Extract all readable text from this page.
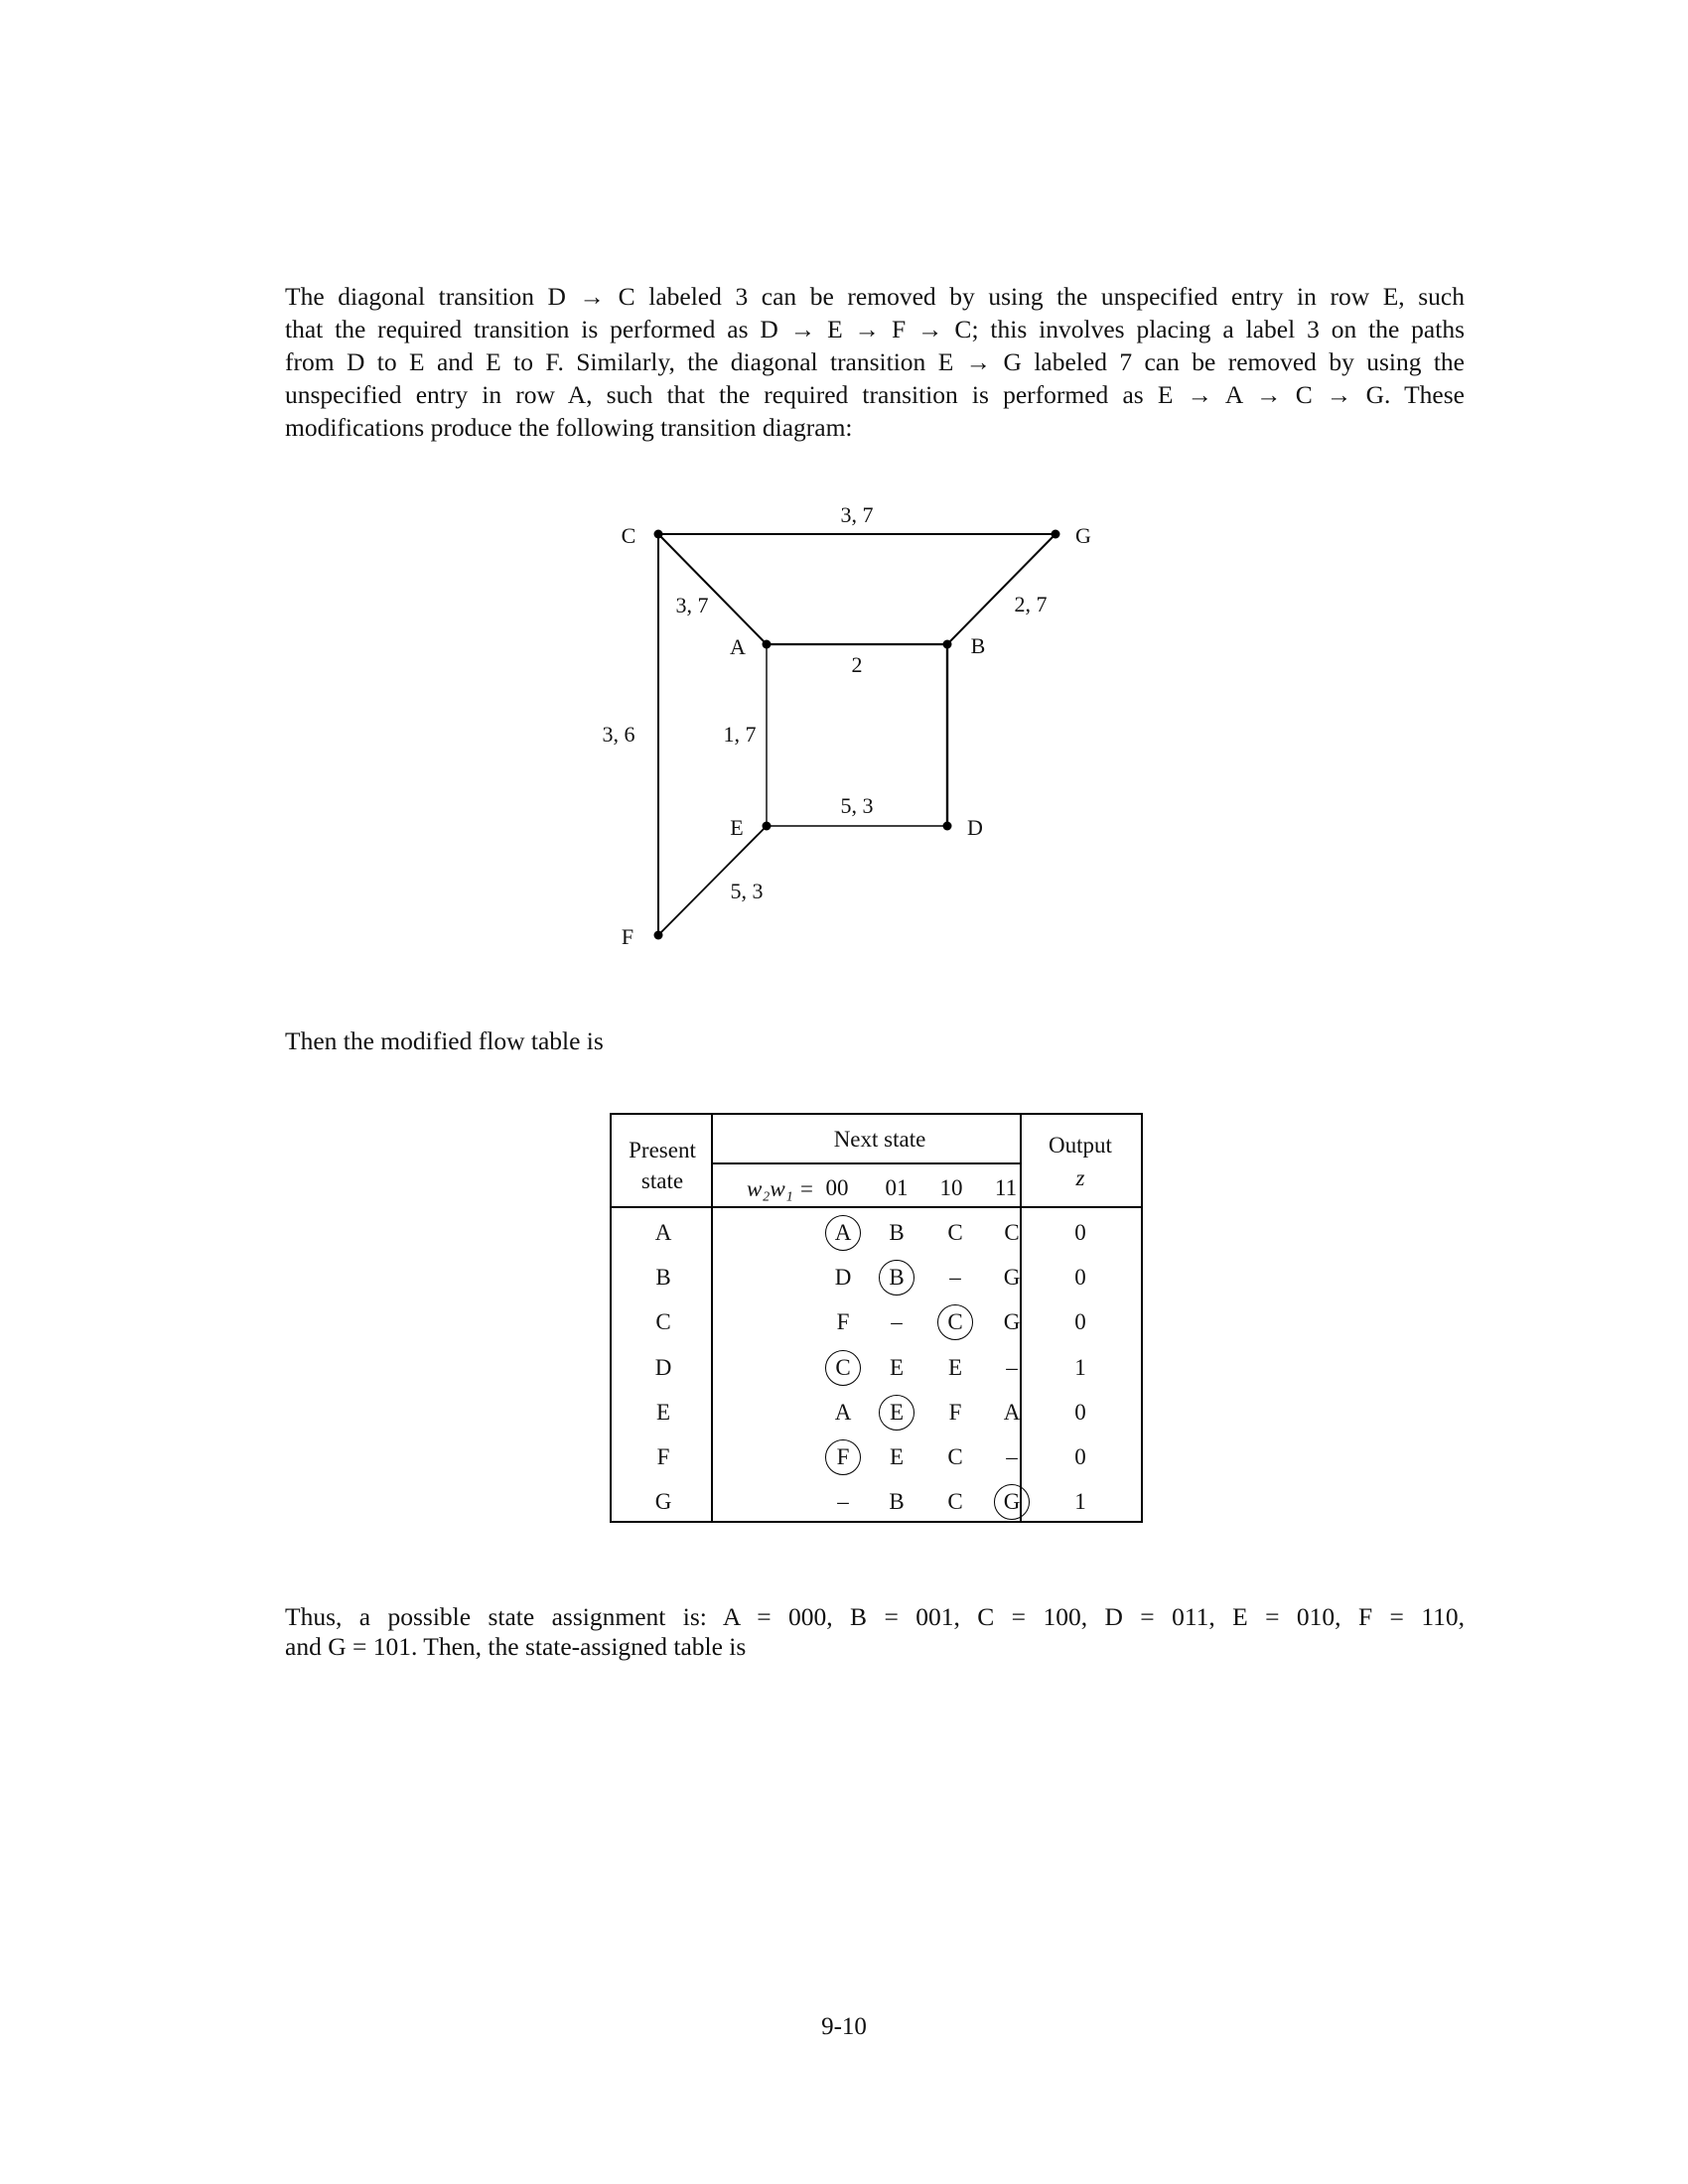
The diagonal transition D → C labeled 3 can be removed by using the unspecified entry in row E, such
that the required transition is performed as D → E → F → C; this involves placing a label 3 on the paths
from D to E and E to F. Similarly, the diagonal transition E → G labeled 7 can be removed by using the
unspecified entry in row A, such that the required transition is performed as E → A → C → G. These
modifications produce the following transition diagram:
C	G
A	B
E	D
F
3, 7
3, 7	2, 7
2
1, 7
5, 3
5, 3
3, 6
Then the modified flow table is
Present
state
Next state
w₂w₁ = 00 01 10 11
Output
z
A	A B C C 0
B	D B – G 0
C	F – C G 0
D	C E E –	1
E	A E F A 0
F	F E C –	0
G	– B C G 1
Thus, a possible state assignment is: A = 000, B = 001, C = 100, D = 011, E = 010, F = 110,
and G = 101. Then, the state-assigned table is
9-10
